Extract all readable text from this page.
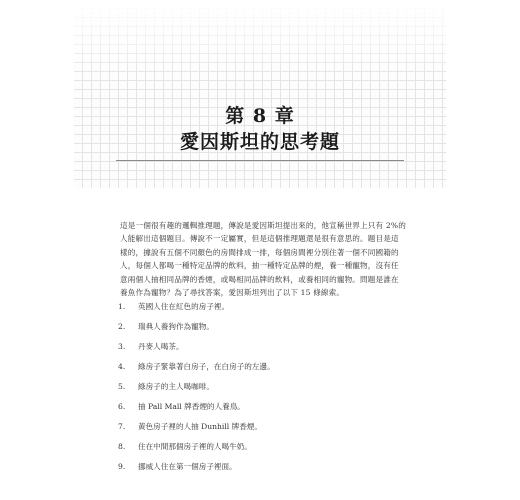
第 8 章
愛因斯坦的思考題
這是一個很有趣的邏輯推理題，傳說是愛因斯坦提出來的，他宣稱世界上只有 2%的
人能解出這個題目。傳說不一定屬實，但是這個推理題還是很有意思的。題目是這
樣的，據說有五個不同顏色的房間排成一排，每個房間裡分別住著一個不同國籍的
人，每個人都喝一種特定品牌的飲料，抽一種特定品牌的煙，養一種寵物，沒有任
意兩個人抽相同品牌的香煙，或喝相同品牌的飲料，或養相同的寵物。問題是誰在
養魚作為寵物？為了尋找答案，愛因斯坦列出了以下 15 條線索。
1. 英國人住在紅色的房子裡。
2. 瑞典人養狗作為寵物。
3. 丹麥人喝茶。
4. 綠房子緊靠著白房子，在白房子的左邊。
5. 綠房子的主人喝咖啡。
6. 抽 Pall Mall 牌香煙的人養鳥。
7. 黃色房子裡的人抽 Dunhill 牌香煙。
8. 住在中間那個房子裡的人喝牛奶。
9. 挪威人住在第一個房子裡面。
